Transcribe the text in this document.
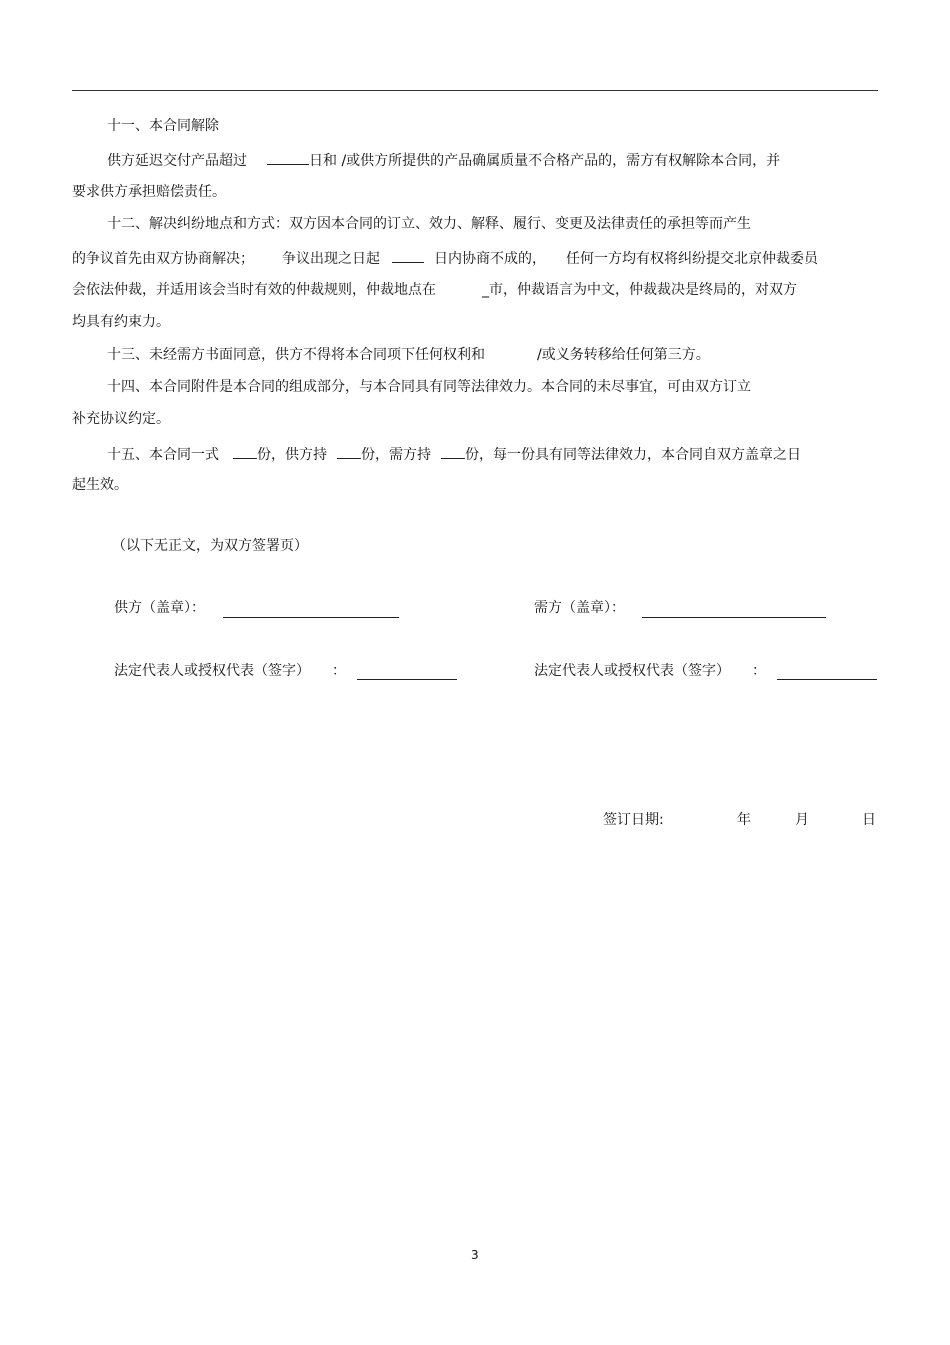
十一、本合同解除
供方延迟交付产品超过	日和 /或供方所提供的产品确属质量不合格产品的，需方有权解除本合同，并
要求供方承担赔偿责任。
十二、解决纠纷地点和方式：双方因本合同的订立、效力、解释、履行、变更及法律责任的承担等而产生
的争议首先由双方协商解决； 争议出现之日起	日内协商不成的， 任何一方均有权将纠纷提交北京仲裁委员
会依法仲裁，并适用该会当时有效的仲裁规则，仲裁地点在	_市，仲裁语言为中文，仲裁裁决是终局的，对双方
均具有约束力。
十三、未经需方书面同意，供方不得将本合同项下任何权利和	/或义务转移给任何第三方。
十四、本合同附件是本合同的组成部分，与本合同具有同等法律效力。本合同的未尽事宜，可由双方订立
补充协议约定。
十五、本合同一式	份，供方持 份，需方持 份，每一份具有同等法律效力，本合同自双方盖章之日
起生效。
（以下无正文，为双方签署页）
供方（盖章）：	需方（盖章）：
法定代表人或授权代表（签字） ：	法定代表人或授权代表（签字） ：
签订日期:	年	月	日
3
